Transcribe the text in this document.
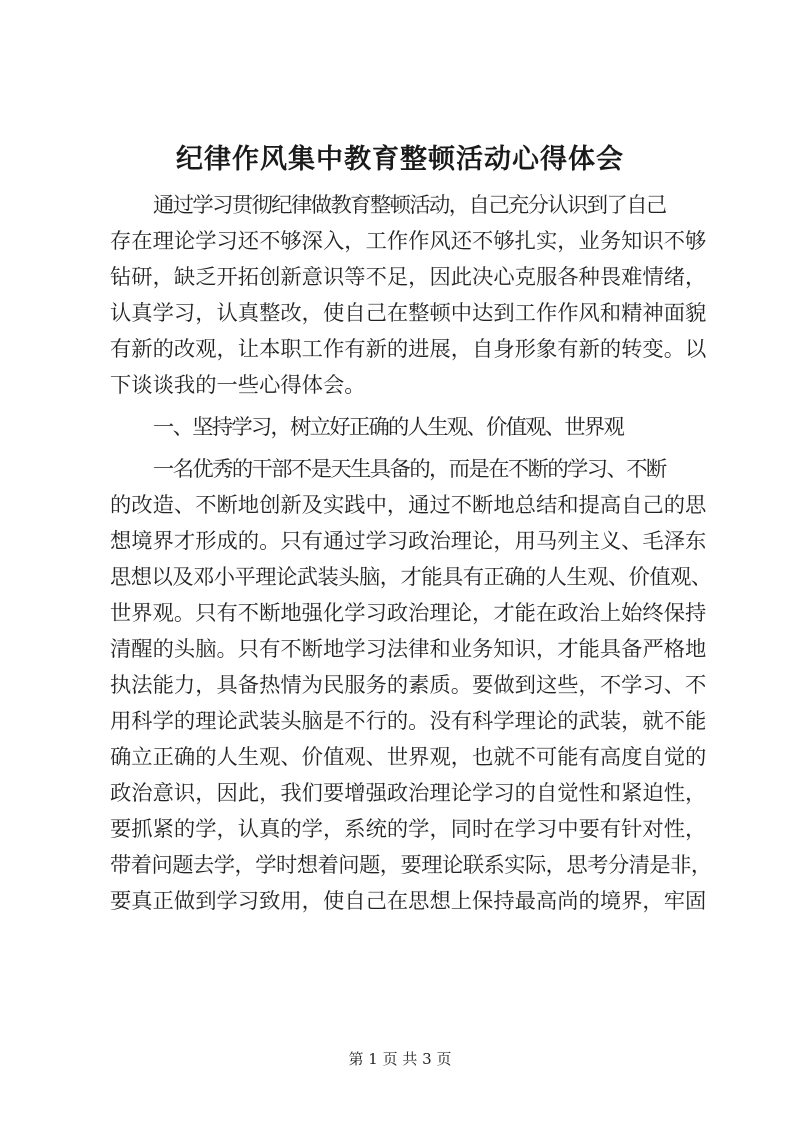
纪律作风集中教育整顿活动心得体会
通过学习贯彻纪律做教育整顿活动，自己充分认识到了自己
存在理论学习还不够深入，工作作风还不够扎实，业务知识不够
钻研，缺乏开拓创新意识等不足，因此决心克服各种畏难情绪，
认真学习，认真整改，使自己在整顿中达到工作作风和精神面貌
有新的改观，让本职工作有新的进展，自身形象有新的转变。以
下谈谈我的一些心得体会。
一、坚持学习，树立好正确的人生观、价值观、世界观
一名优秀的干部不是天生具备的，而是在不断的学习、不断
的改造、不断地创新及实践中，通过不断地总结和提高自己的思
想境界才形成的。只有通过学习政治理论，用马列主义、毛泽东
思想以及邓小平理论武装头脑，才能具有正确的人生观、价值观、
世界观。只有不断地强化学习政治理论，才能在政治上始终保持
清醒的头脑。只有不断地学习法律和业务知识，才能具备严格地
执法能力，具备热情为民服务的素质。要做到这些，不学习、不
用科学的理论武装头脑是不行的。没有科学理论的武装，就不能
确立正确的人生观、价值观、世界观，也就不可能有高度自觉的
政治意识，因此，我们要增强政治理论学习的自觉性和紧迫性，
要抓紧的学，认真的学，系统的学，同时在学习中要有针对性，
带着问题去学，学时想着问题，要理论联系实际，思考分清是非，
要真正做到学习致用，使自己在思想上保持最高尚的境界，牢固
第 1 页 共 3 页
